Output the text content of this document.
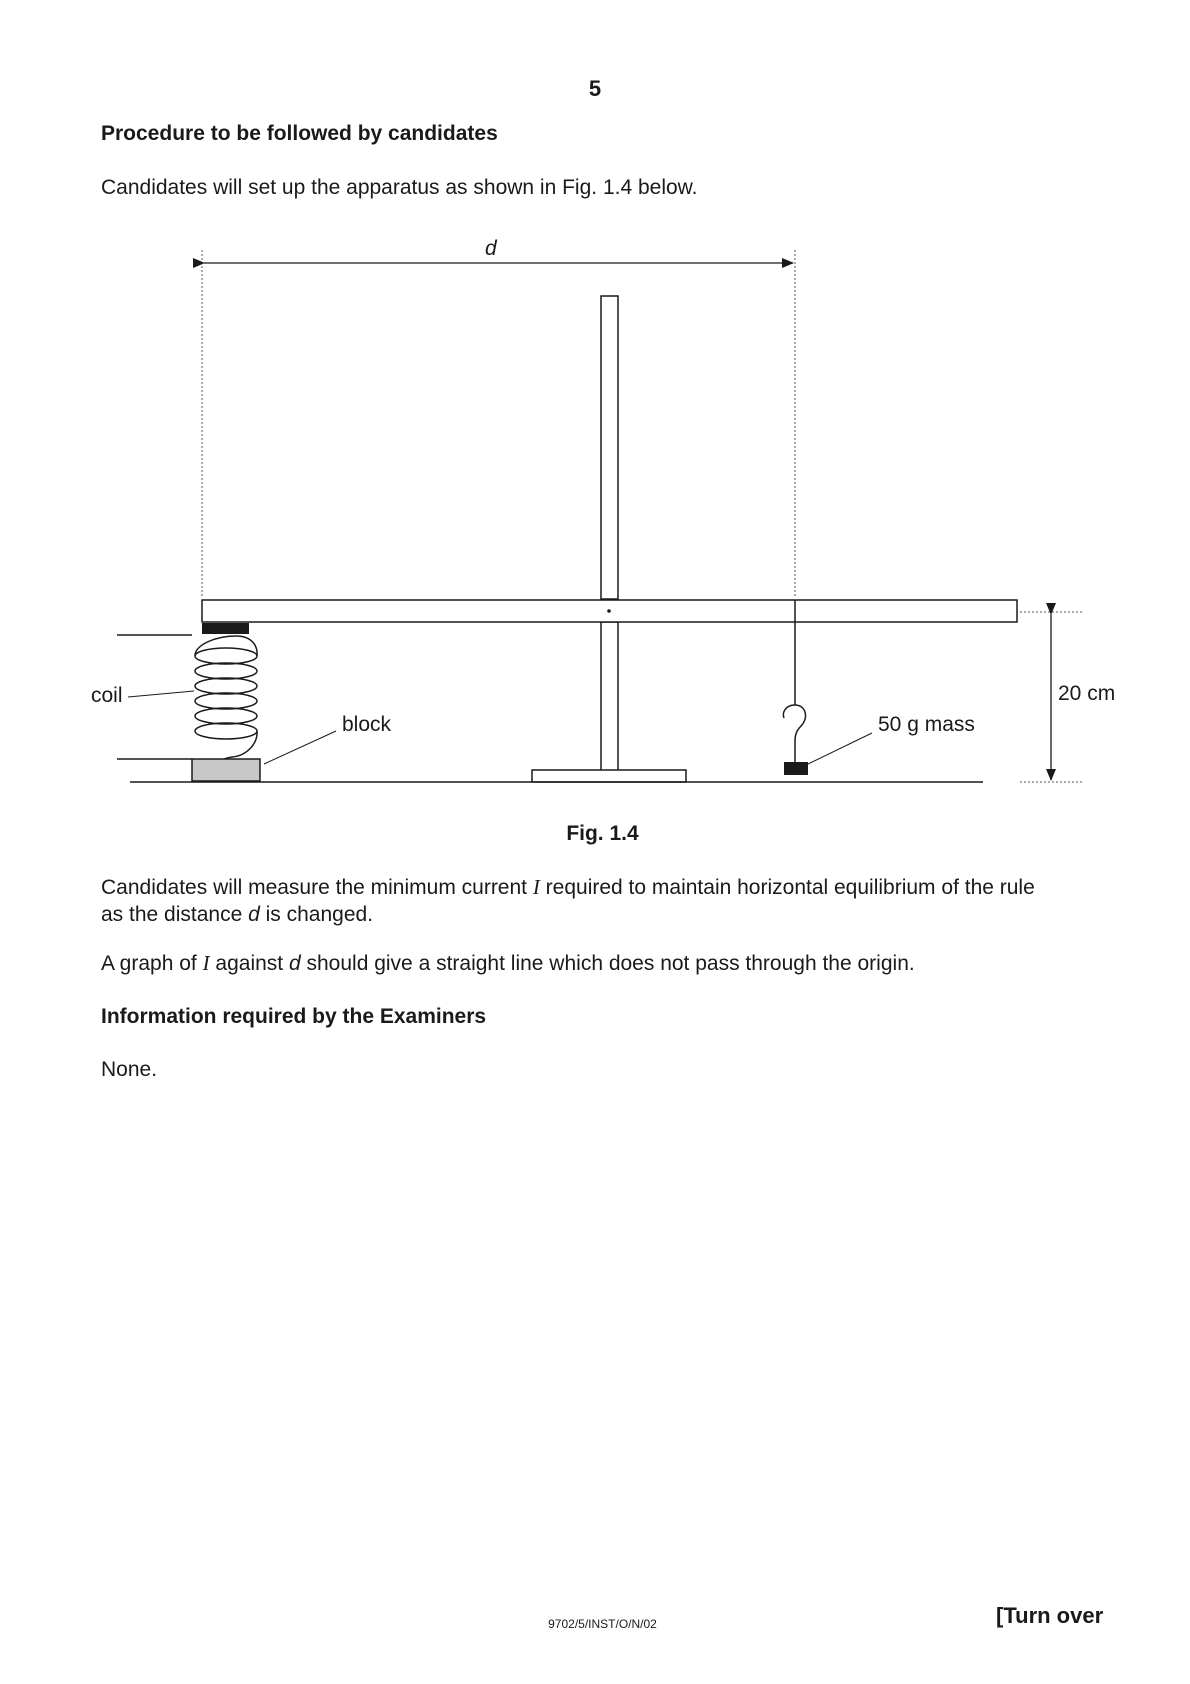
5
Procedure to be followed by candidates
Candidates will set up the apparatus as shown in Fig. 1.4 below.
d
20 cm
coil
block	50 g mass
Fig. 1.4
Candidates will measure the minimum current I required to maintain horizontal equilibrium of the rule
as the distance d is changed.
A graph of I against d should give a straight line which does not pass through the origin.
Information required by the Examiners
None.
9702/5/INST/O/N/02	[Turn over
